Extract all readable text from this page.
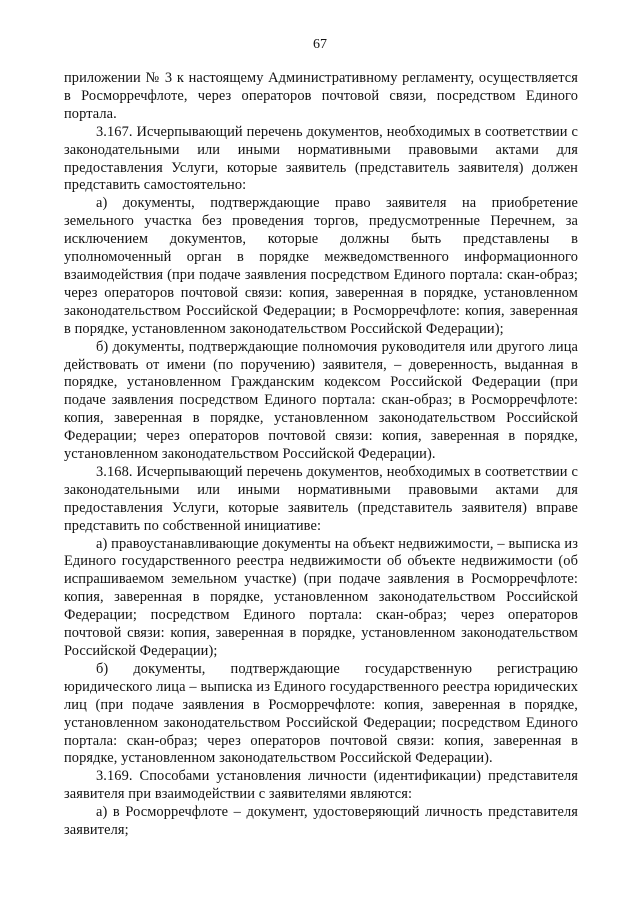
67

приложении № 3 к настоящему Административному регламенту, осуществляется в Росморречфлоте, через операторов почтовой связи, посредством Единого портала.

3.167. Исчерпывающий перечень документов, необходимых в соответствии с законодательными или иными нормативными правовыми актами для предоставления Услуги, которые заявитель (представитель заявителя) должен представить самостоятельно:

а) документы, подтверждающие право заявителя на приобретение земельного участка без проведения торгов, предусмотренные Перечнем, за исключением документов, которые должны быть представлены в уполномоченный орган в порядке межведомственного информационного взаимодействия (при подаче заявления посредством Единого портала: скан-образ; через операторов почтовой связи: копия, заверенная в порядке, установленном законодательством Российской Федерации; в Росморречфлоте: копия, заверенная в порядке, установленном законодательством Российской Федерации);

б) документы, подтверждающие полномочия руководителя или другого лица действовать от имени (по поручению) заявителя, – доверенность, выданная в порядке, установленном Гражданским кодексом Российской Федерации (при подаче заявления посредством Единого портала: скан-образ; в Росморречфлоте: копия, заверенная в порядке, установленном законодательством Российской Федерации; через операторов почтовой связи: копия, заверенная в порядке, установленном законодательством Российской Федерации).

3.168. Исчерпывающий перечень документов, необходимых в соответствии с законодательными или иными нормативными правовыми актами для предоставления Услуги, которые заявитель (представитель заявителя) вправе представить по собственной инициативе:

а) правоустанавливающие документы на объект недвижимости, – выписка из Единого государственного реестра недвижимости об объекте недвижимости (об испрашиваемом земельном участке) (при подаче заявления в Росморречфлоте: копия, заверенная в порядке, установленном законодательством Российской Федерации; посредством Единого портала: скан-образ; через операторов почтовой связи: копия, заверенная в порядке, установленном законодательством Российской Федерации);

б) документы, подтверждающие государственную регистрацию юридического лица – выписка из Единого государственного реестра юридических лиц (при подаче заявления в Росморречфлоте: копия, заверенная в порядке, установленном законодательством Российской Федерации; посредством Единого портала: скан-образ; через операторов почтовой связи: копия, заверенная в порядке, установленном законодательством Российской Федерации).

3.169. Способами установления личности (идентификации) представителя заявителя при взаимодействии с заявителями являются:

а) в Росморречфлоте – документ, удостоверяющий личность представителя заявителя;
